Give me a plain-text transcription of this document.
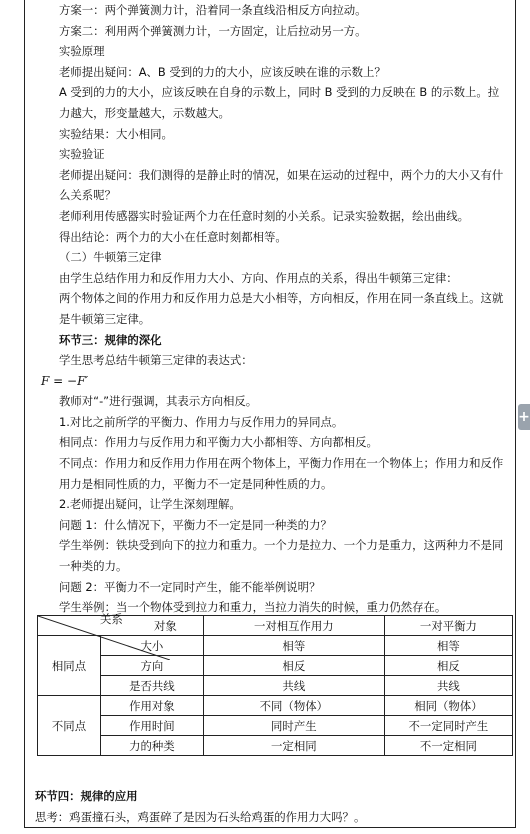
方案一：两个弹簧测力计，沿着同一条直线沿相反方向拉动。

方案二：利用两个弹簧测力计，一方固定，让后拉动另一方。

实验原理

老师提出疑问：A、B 受到的力的大小，应该反映在谁的示数上？

A 受到的力的大小，应该反映在自身的示数上，同时 B 受到的力反映在 B 的示数上。拉力越大，形变量越大，示数越大。

实验结果：大小相同。

实验验证

老师提出疑问：我们测得的是静止时的情况，如果在运动的过程中，两个力的大小又有什么关系呢？

老师利用传感器实时验证两个力在任意时刻的小关系。记录实验数据，绘出曲线。

得出结论：两个力的大小在任意时刻都相等。

（二）牛顿第三定律

由学生总结作用力和反作用力大小、方向、作用点的关系，得出牛顿第三定律：

两个物体之间的作用力和反作用力总是大小相等，方向相反，作用在同一条直线上。这就是牛顿第三定律。

环节三：规律的深化

学生思考总结牛顿第三定律的表达式：

F = −F′

教师对“-”进行强调，其表示方向相反。

1.对比之前所学的平衡力、作用力与反作用力的异同点。

相同点：作用力与反作用力和平衡力大小都相等、方向都相反。

不同点：作用力和反作用力作用在两个物体上，平衡力作用在一个物体上；作用力和反作用力是相同性质的力，平衡力不一定是同种性质的力。

2.老师提出疑问，让学生深刻理解。

问题 1：什么情况下，平衡力不一定是同一种类的力？

学生举例：铁块受到向下的拉力和重力。一个力是拉力、一个力是重力，这两种力不是同一种类的力。

问题 2：平衡力不一定同时产生，能不能举例说明？

学生举例：当一个物体受到拉力和重力，当拉力消失的时候，重力仍然存在。

对象
关系		一对相互作用力	一对平衡力
相同点	大小	相等	相等
	方向	相反	相反
	是否共线	共线	共线
不同点	作用对象	不同（物体）	相同（物体）
	作用时间	同时产生	不一定同时产生
	力的种类	一定相同	不一定相同

环节四：规律的应用

思考：鸡蛋撞石头，鸡蛋碎了是因为石头给鸡蛋的作用力大吗？。

+
